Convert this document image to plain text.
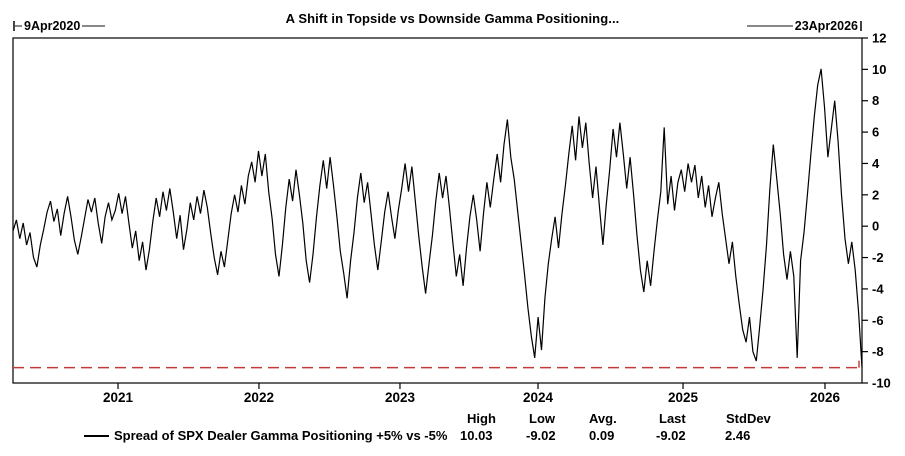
A Shift in Topside vs Downside Gamma Positioning...
9Apr2020	23Apr2026
12
10
8
6
4
2
0
-2
-4
-6
-8
-10
2021	2022	2023	2024	2025	2026
Spread of SPX Dealer Gamma Positioning +5% vs -5%
High	Low	Avg.	Last	StdDev
10.03	-9.02	0.09	-9.02	2.46
